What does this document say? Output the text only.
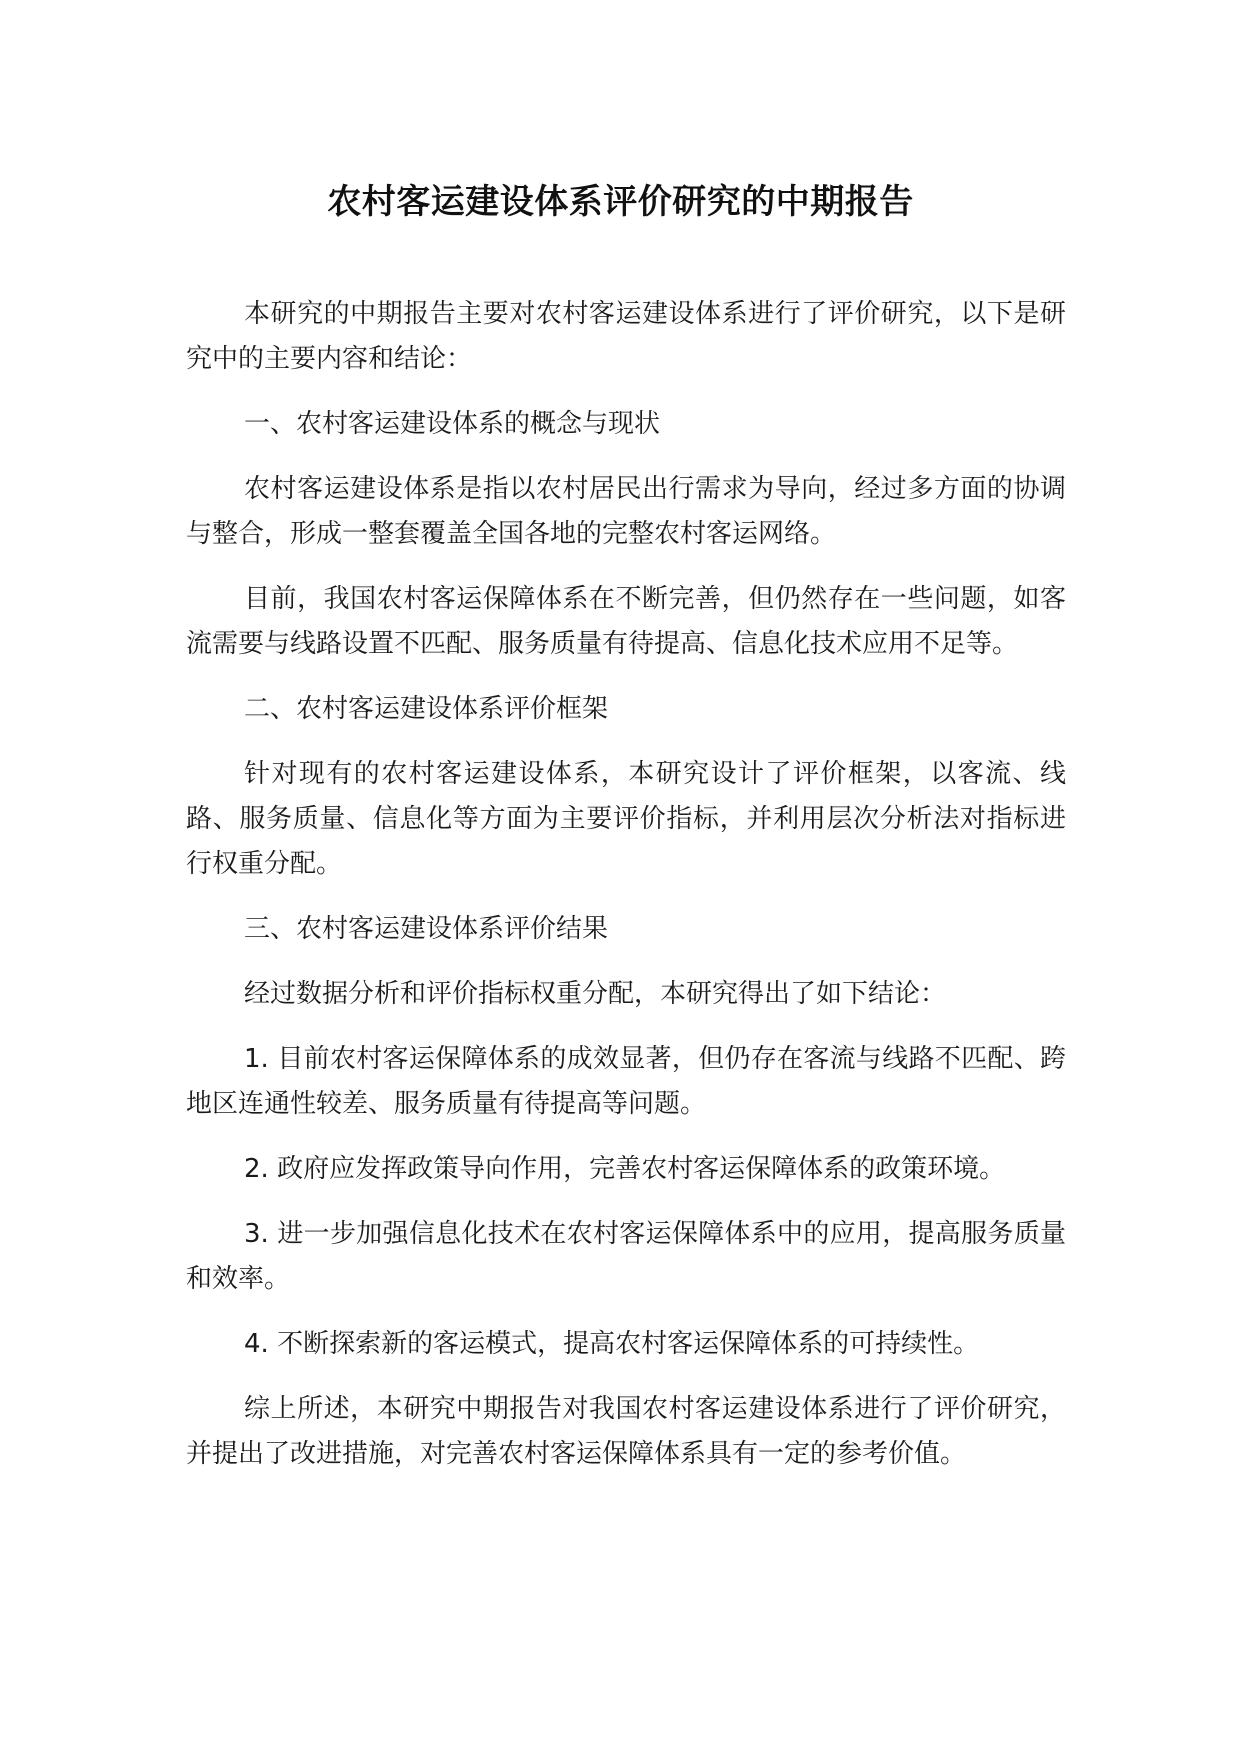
农村客运建设体系评价研究的中期报告

本研究的中期报告主要对农村客运建设体系进行了评价研究，以下是研究中的主要内容和结论：

一、农村客运建设体系的概念与现状

农村客运建设体系是指以农村居民出行需求为导向，经过多方面的协调与整合，形成一整套覆盖全国各地的完整农村客运网络。

目前，我国农村客运保障体系在不断完善，但仍然存在一些问题，如客流需要与线路设置不匹配、服务质量有待提高、信息化技术应用不足等。

二、农村客运建设体系评价框架

针对现有的农村客运建设体系，本研究设计了评价框架，以客流、线路、服务质量、信息化等方面为主要评价指标，并利用层次分析法对指标进行权重分配。

三、农村客运建设体系评价结果

经过数据分析和评价指标权重分配，本研究得出了如下结论：

1. 目前农村客运保障体系的成效显著，但仍存在客流与线路不匹配、跨地区连通性较差、服务质量有待提高等问题。

2. 政府应发挥政策导向作用，完善农村客运保障体系的政策环境。

3. 进一步加强信息化技术在农村客运保障体系中的应用，提高服务质量和效率。

4. 不断探索新的客运模式，提高农村客运保障体系的可持续性。

综上所述，本研究中期报告对我国农村客运建设体系进行了评价研究，并提出了改进措施，对完善农村客运保障体系具有一定的参考价值。
